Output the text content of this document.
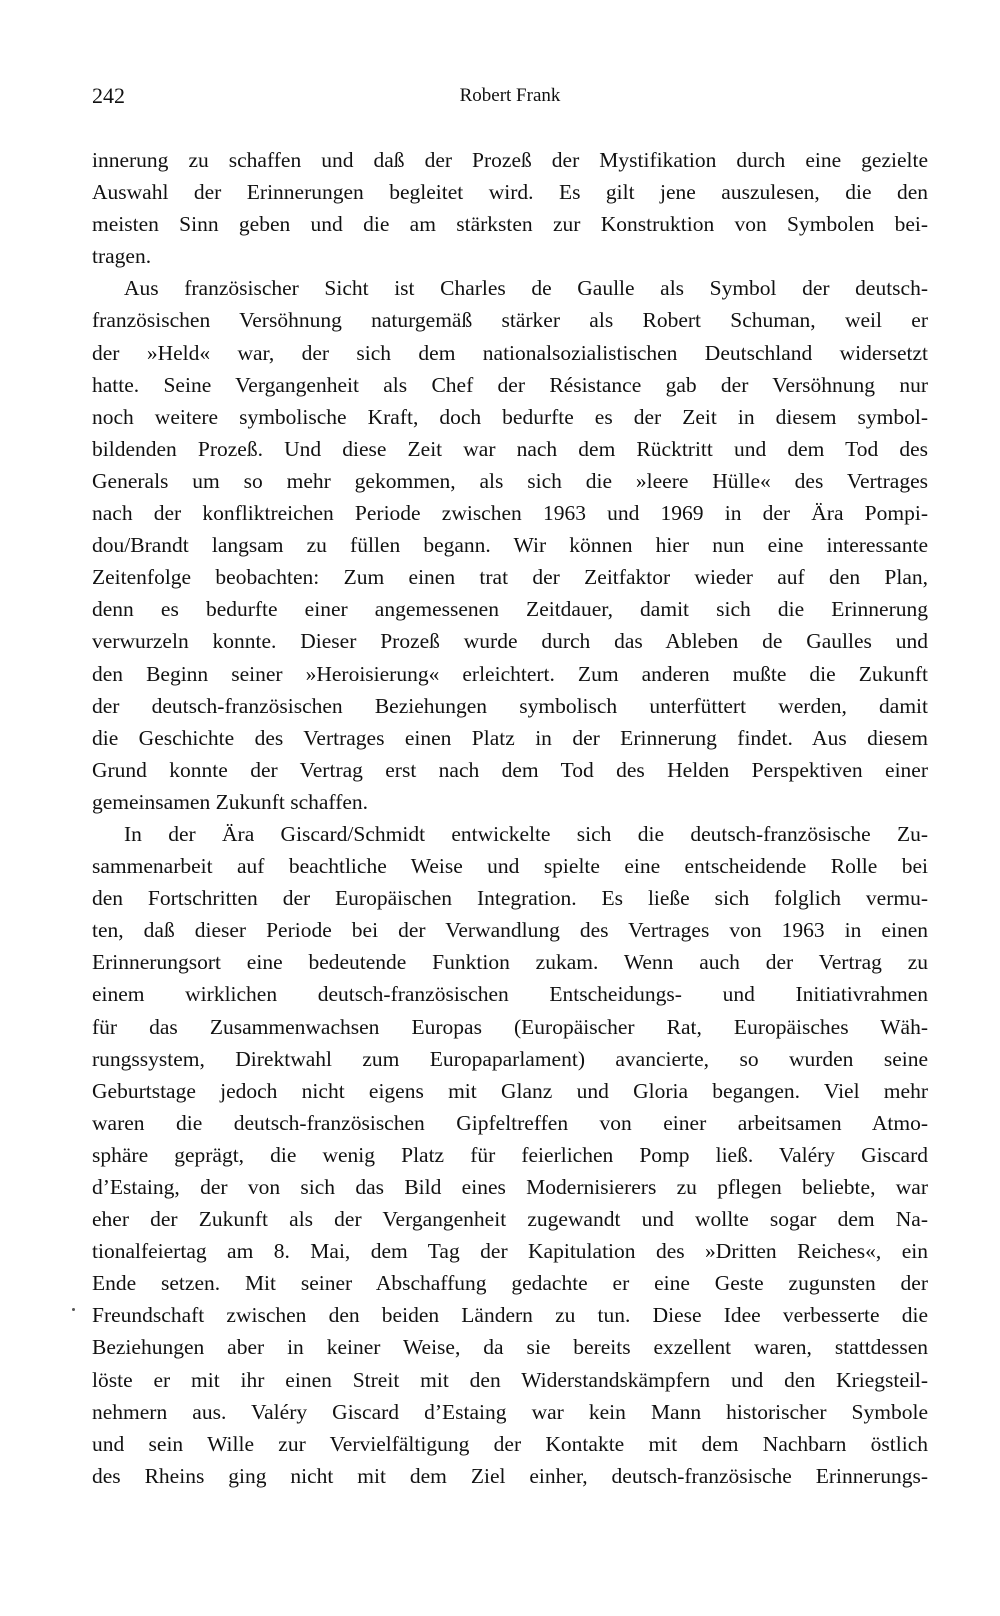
242	Robert Frank
innerung zu schaffen und daß der Prozeß der Mystifikation durch eine gezielte
Auswahl der Erinnerungen begleitet wird. Es gilt jene auszulesen, die den
meisten Sinn geben und die am stärksten zur Konstruktion von Symbolen bei-
tragen.
Aus französischer Sicht ist Charles de Gaulle als Symbol der deutsch-
französischen Versöhnung naturgemäß stärker als Robert Schuman, weil er
der »Held« war, der sich dem nationalsozialistischen Deutschland widersetzt
hatte. Seine Vergangenheit als Chef der Résistance gab der Versöhnung nur
noch weitere symbolische Kraft, doch bedurfte es der Zeit in diesem symbol-
bildenden Prozeß. Und diese Zeit war nach dem Rücktritt und dem Tod des
Generals um so mehr gekommen, als sich die »leere Hülle« des Vertrages
nach der konfliktreichen Periode zwischen 1963 und 1969 in der Ära Pompi-
dou/Brandt langsam zu füllen begann. Wir können hier nun eine interessante
Zeitenfolge beobachten: Zum einen trat der Zeitfaktor wieder auf den Plan,
denn es bedurfte einer angemessenen Zeitdauer, damit sich die Erinnerung
verwurzeln konnte. Dieser Prozeß wurde durch das Ableben de Gaulles und
den Beginn seiner »Heroisierung« erleichtert. Zum anderen mußte die Zukunft
der deutsch-französischen Beziehungen symbolisch unterfüttert werden, damit
die Geschichte des Vertrages einen Platz in der Erinnerung findet. Aus diesem
Grund konnte der Vertrag erst nach dem Tod des Helden Perspektiven einer
gemeinsamen Zukunft schaffen.
In der Ära Giscard/Schmidt entwickelte sich die deutsch-französische Zu-
sammenarbeit auf beachtliche Weise und spielte eine entscheidende Rolle bei
den Fortschritten der Europäischen Integration. Es ließe sich folglich vermu-
ten, daß dieser Periode bei der Verwandlung des Vertrages von 1963 in einen
Erinnerungsort eine bedeutende Funktion zukam. Wenn auch der Vertrag zu
einem wirklichen deutsch-französischen Entscheidungs- und Initiativrahmen
für das Zusammenwachsen Europas (Europäischer Rat, Europäisches Wäh-
rungssystem, Direktwahl zum Europaparlament) avancierte, so wurden seine
Geburtstage jedoch nicht eigens mit Glanz und Gloria begangen. Viel mehr
waren die deutsch-französischen Gipfeltreffen von einer arbeitsamen Atmo-
sphäre geprägt, die wenig Platz für feierlichen Pomp ließ. Valéry Giscard
d’Estaing, der von sich das Bild eines Modernisierers zu pflegen beliebte, war
eher der Zukunft als der Vergangenheit zugewandt und wollte sogar dem Na-
tionalfeiertag am 8. Mai, dem Tag der Kapitulation des »Dritten Reiches«, ein
Ende setzen. Mit seiner Abschaffung gedachte er eine Geste zugunsten der
Freundschaft zwischen den beiden Ländern zu tun. Diese Idee verbesserte die
Beziehungen aber in keiner Weise, da sie bereits exzellent waren, stattdessen
löste er mit ihr einen Streit mit den Widerstandskämpfern und den Kriegsteil-
nehmern aus. Valéry Giscard d’Estaing war kein Mann historischer Symbole
und sein Wille zur Vervielfältigung der Kontakte mit dem Nachbarn östlich
des Rheins ging nicht mit dem Ziel einher, deutsch-französische Erinnerungs-
